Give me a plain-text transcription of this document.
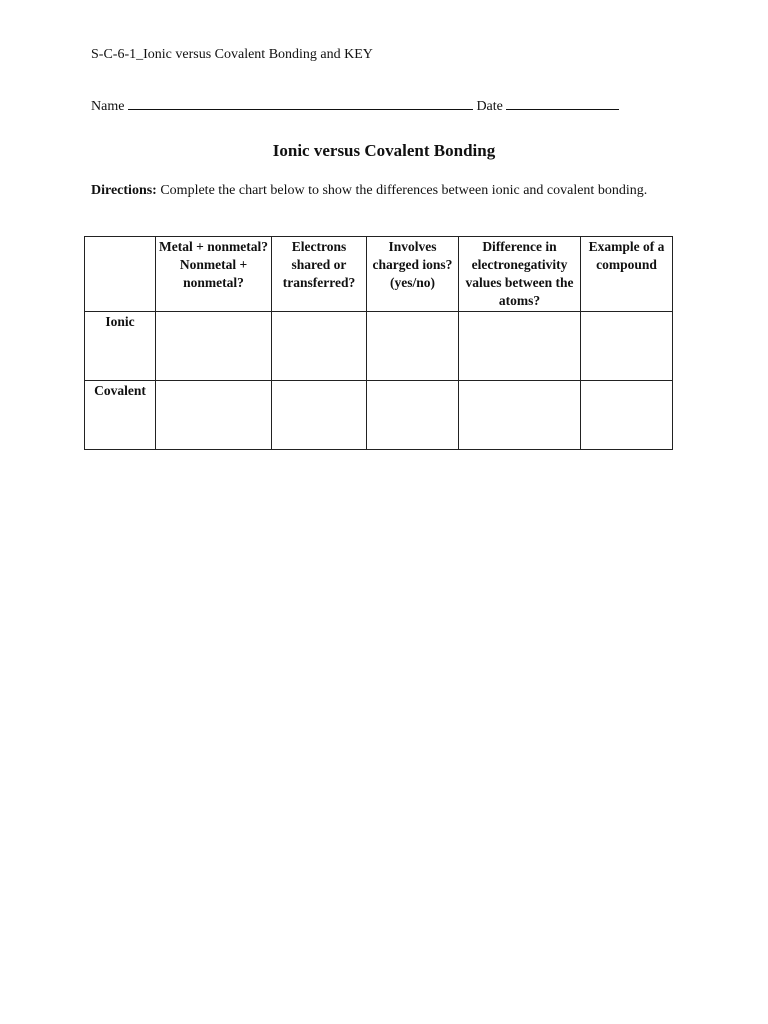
S-C-6-1_Ionic versus Covalent Bonding and KEY
Name	Date
Ionic versus Covalent Bonding
Directions: Complete the chart below to show the differences between ionic and covalent bonding.
	Metal + nonmetal? Nonmetal + nonmetal?	Electrons shared or transferred?	Involves charged ions? (yes/no)	Difference in electronegativity values between the atoms?	Example of a compound
Ionic					
Covalent					
